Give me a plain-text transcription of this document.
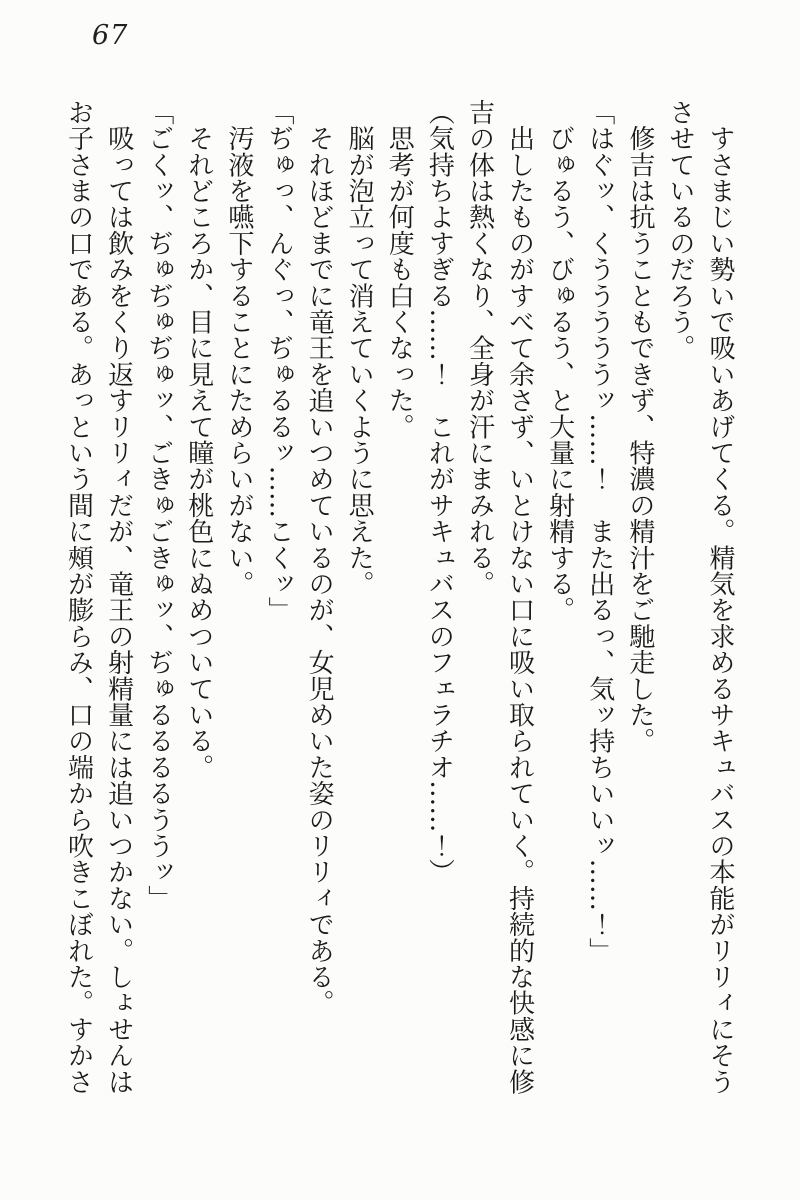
67

　すさまじい勢いで吸いあげてくる。精気を求めるサキュバスの本能がリリィにそう

させているのだろう。

　修吉は抗うこともできず、特濃の精汁をご馳走した。

「はぐッ、くうううううッ……！　また出るっ、気ッ持ちいいッ……！」

　びゅるう、びゅるう、と大量に射精する。

　出したものがすべて余さず、いとけない口に吸い取られていく。持続的な快感に修

吉の体は熱くなり、全身が汗にまみれる。

（気持ちよすぎる……！　これがサキュバスのフェラチオ……！）

　思考が何度も白くなった。

　脳が泡立って消えていくように思えた。

　それほどまでに竜王を追いつめているのが、女児めいた姿のリリィである。

「ぢゅっ、んぐっ、ぢゅるるッ……こくッ」

　汚液を嚥下することにためらいがない。

　それどころか、目に見えて瞳が桃色にぬめついている。

「ごくッ、ぢゅぢゅぢゅッ、ごきゅごきゅッ、ぢゅるるるるううッ」

　吸っては飲みをくり返すリリィだが、竜王の射精量には追いつかない。しょせんは

お子さまの口である。あっという間に頰が膨らみ、口の端から吹きこぼれた。すかさ
